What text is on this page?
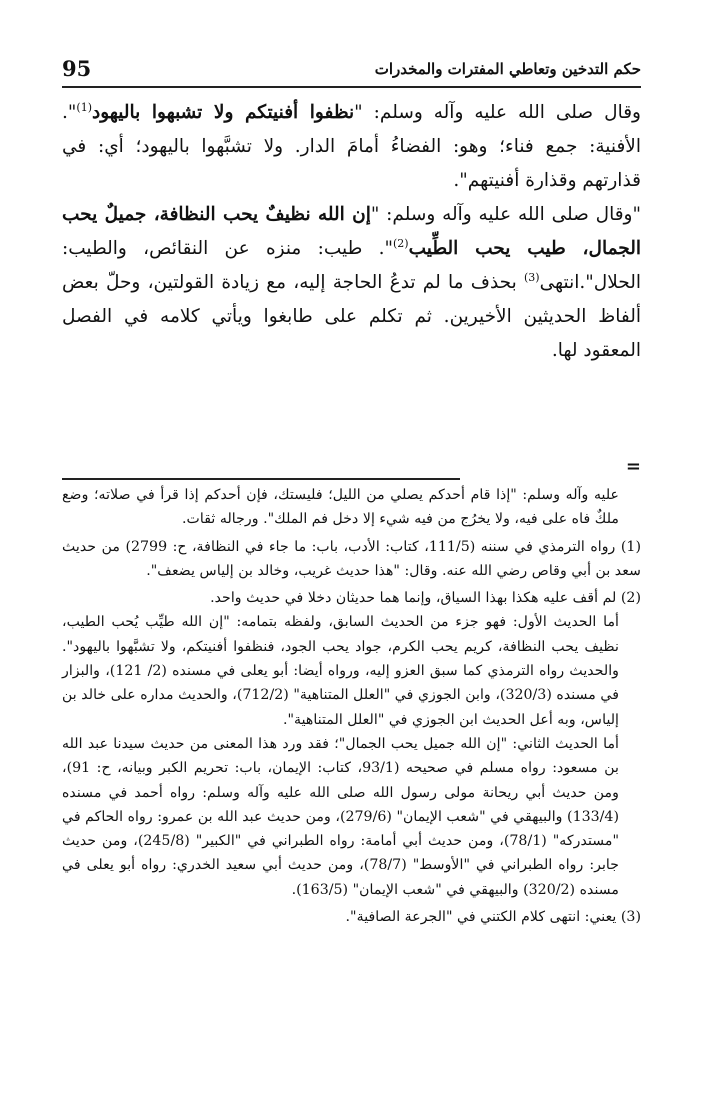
95	حكم التدخين وتعاطي المفترات والمخدرات

وقال صلى الله عليه وآله وسلم: "نظفوا أفنيتكم ولا تشبهوا باليهود$^{(1)}$". الأفنية: جمع فناء؛ وهو: الفضاءُ أمامَ الدار. ولا تشبَّهوا باليهود؛ أي: في قذارتهم وقذارة أفنيتهم".

"وقال صلى الله عليه وآله وسلم: "إن الله نظيفٌ يحب النظافة، جميلٌ يحب الجمال، طيب يحب الطِّيب$^{(2)}$". طيب: منزه عن النقائص، والطيب: الحلال".انتهى$^{(3)}$ بحذف ما لم تدعُ الحاجة إليه، مع زيادة القولتين، وحلّ بعض ألفاظ الحديثين الأخيرين. ثم تكلم على طابغوا ويأتي كلامه في الفصل المعقود لها.

=

عليه وآله وسلم: "إذا قام أحدكم يصلي من الليل؛ فليستك، فإن أحدكم إذا قرأ في صلاته؛ وضع ملكٌ فاه على فيه، ولا يخرُج من فيه شيء إلا دخل فم الملك". ورجاله ثقات.

(1) رواه الترمذي في سننه (111/5، كتاب: الأدب، باب: ما جاء في النظافة، ح: 2799) من حديث سعد بن أبي وقاص رضي الله عنه. وقال: "هذا حديث غريب، وخالد بن إلياس يضعف".

(2) لم أقف عليه هكذا بهذا السياق، وإنما هما حديثان دخلا في حديث واحد.

أما الحديث الأول: فهو جزء من الحديث السابق، ولفظه بتمامه: "إن الله طيِّب يُحب الطيب، نظيف يحب النظافة، كريم يحب الكرم، جواد يحب الجود، فنظفوا أفنيتكم، ولا تشبَّهوا باليهود". والحديث رواه الترمذي كما سبق العزو إليه، ورواه أيضا: أبو يعلى في مسنده (2/ 121)، والبزار في مسنده (320/3)، وابن الجوزي في "العلل المتناهية" (712/2)، والحديث مداره على خالد بن إلياس، وبه أعل الحديث ابن الجوزي في "العلل المتناهية".

أما الحديث الثاني: "إن الله جميل يحب الجمال"؛ فقد ورد هذا المعنى من حديث سيدنا عبد الله بن مسعود: رواه مسلم في صحيحه (93/1، كتاب: الإيمان، باب: تحريم الكبر وبيانه، ح: 91)، ومن حديث أبي ريحانة مولى رسول الله صلى الله عليه وآله وسلم: رواه أحمد في مسنده (133/4) والبيهقي في "شعب الإيمان" (279/6)، ومن حديث عبد الله بن عمرو: رواه الحاكم في "مستدركه" (78/1)، ومن حديث أبي أمامة: رواه الطبراني في "الكبير" (245/8)، ومن حديث جابر: رواه الطبراني في "الأوسط" (78/7)، ومن حديث أبي سعيد الخدري: رواه أبو يعلى في مسنده (320/2) والبيهقي في "شعب الإيمان" (163/5).

(3) يعني: انتهى كلام الكتني في "الجرعة الصافية".
